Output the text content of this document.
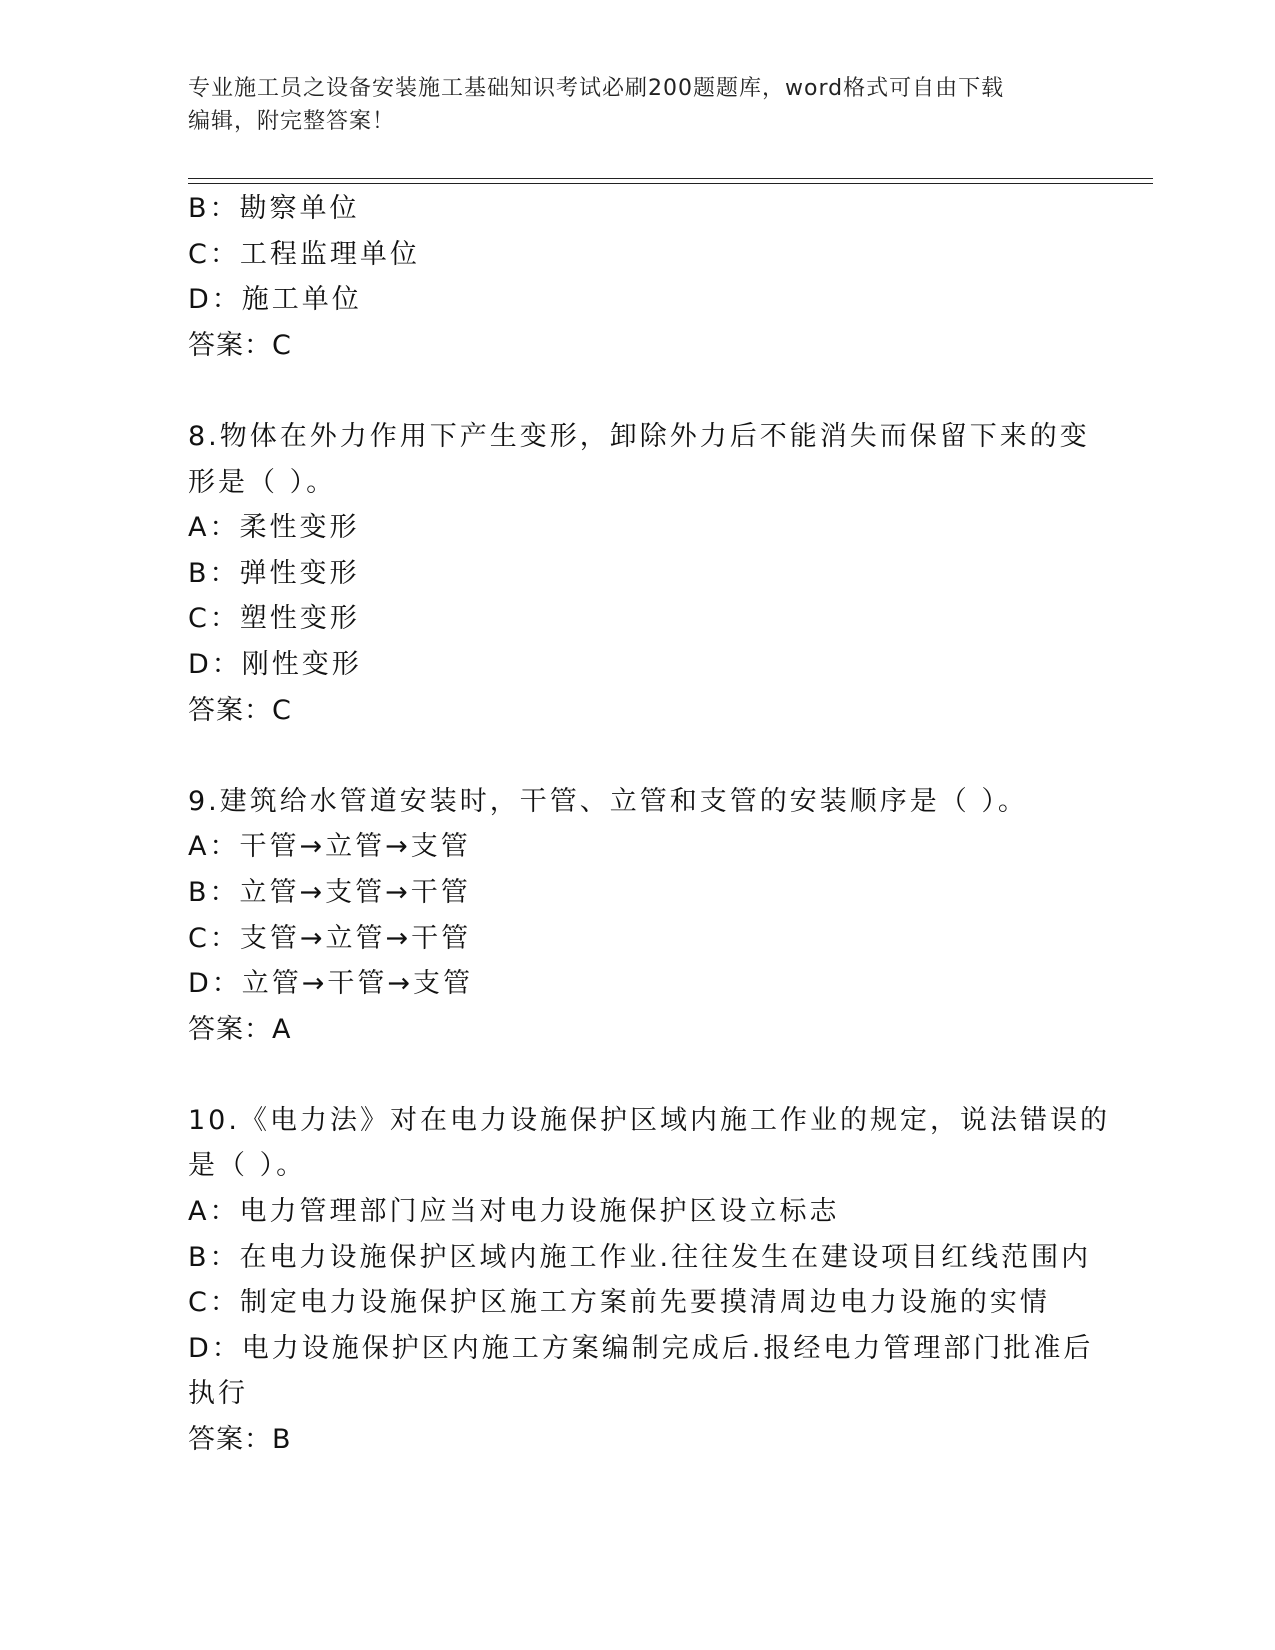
专业施工员之设备安装施工基础知识考试必刷200题题库，word格式可自由下载
编辑，附完整答案！

B：勘察单位

C：工程监理单位

D：施工单位

答案：C

8.物体在外力作用下产生变形，卸除外力后不能消失而保留下来的变

形是（ ）。

A：柔性变形

B：弹性变形

C：塑性变形

D：刚性变形

答案：C

9.建筑给水管道安装时，干管、立管和支管的安装顺序是（ ）。

A：干管→立管→支管

B：立管→支管→干管

C：支管→立管→干管

D：立管→干管→支管

答案：A

10.《电力法》对在电力设施保护区域内施工作业的规定，说法错误的

是（ ）。

A：电力管理部门应当对电力设施保护区设立标志

B：在电力设施保护区域内施工作业.往往发生在建设项目红线范围内

C：制定电力设施保护区施工方案前先要摸清周边电力设施的实情

D：电力设施保护区内施工方案编制完成后.报经电力管理部门批准后

执行

答案：B
